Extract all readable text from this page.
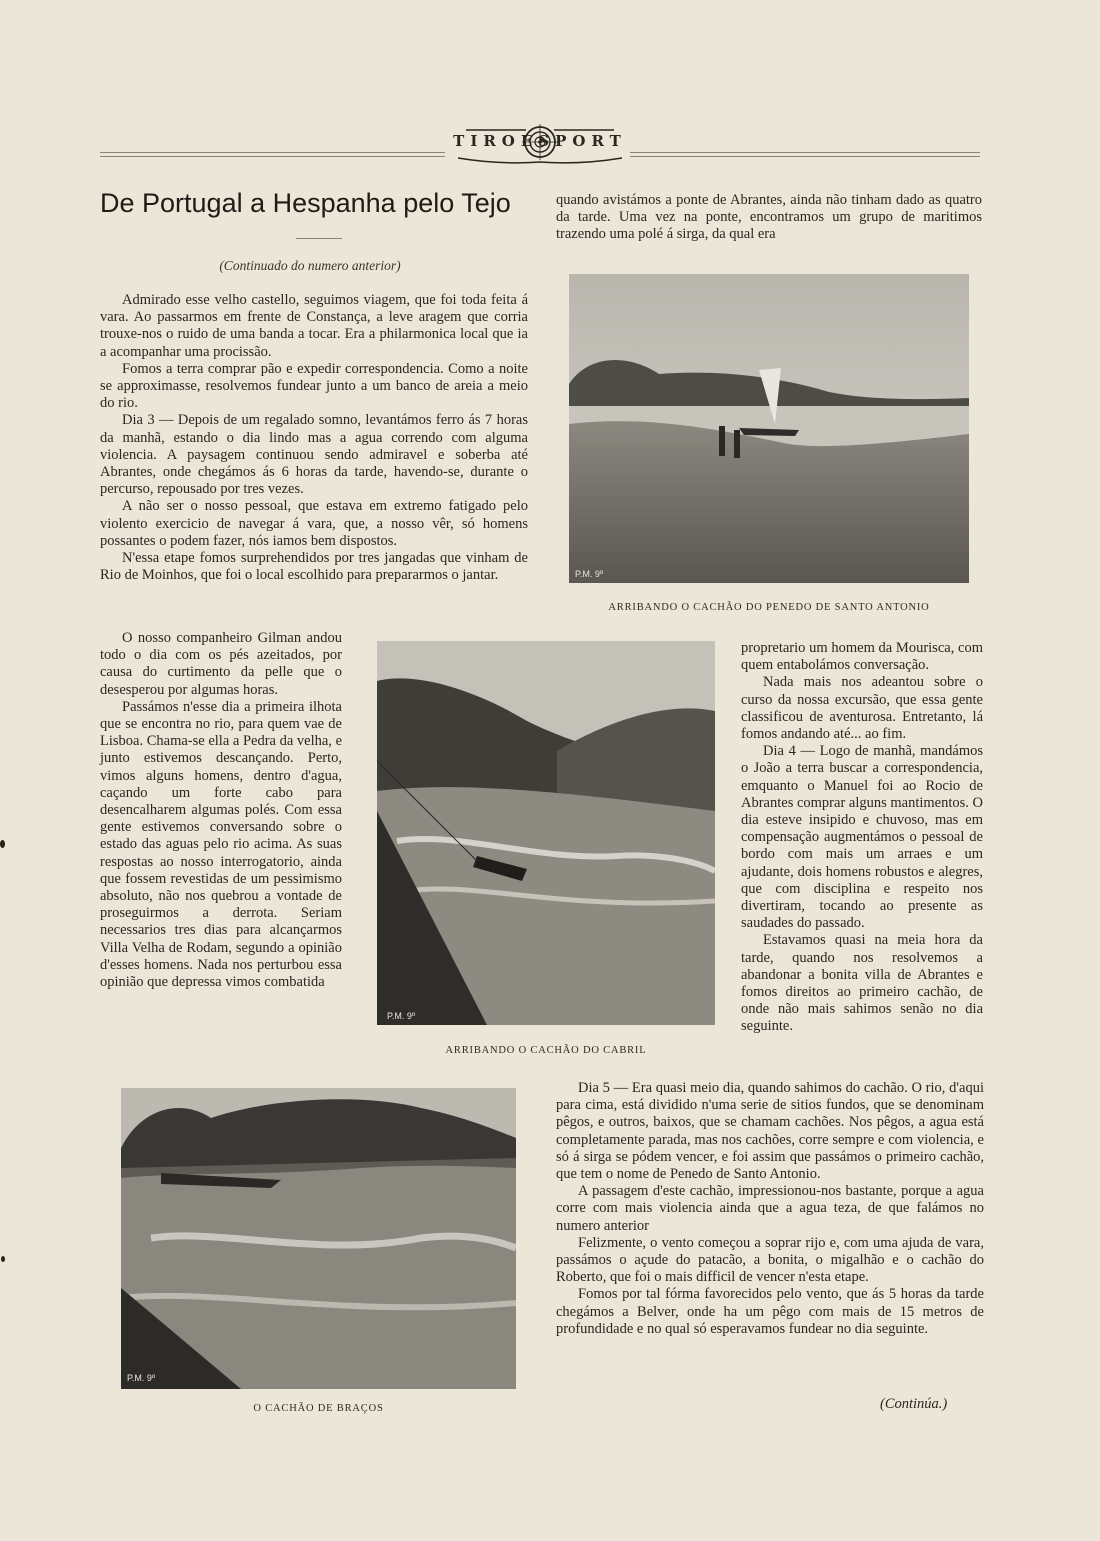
TIROESPORT
De Portugal a Hespanha pelo Tejo
(Continuado do numero anterior)

quando avistámos a ponte de Abrantes, ainda não tinham dado as quatro da tarde. Uma vez na ponte, encontramos um grupo de maritimos trazendo uma polé á sirga, da qual era

Admirado esse velho castello, seguimos viagem, que foi toda feita á vara. Ao passarmos em frente de Constança, a leve aragem que corria trouxe-nos o ruido de uma banda a tocar. Era a philarmonica local que ia a acompanhar uma procissão.

Fomos a terra comprar pão e expedir correspondencia. Como a noite se approximasse, resolvemos fundear junto a um banco de areia a meio do rio.

Dia 3 — Depois de um regalado somno, levantámos ferro ás 7 horas da manhã, estando o dia lindo mas a agua correndo com alguma violencia. A paysagem continuou sendo admiravel e soberba até Abrantes, onde chegámos ás 6 horas da tarde, havendo-se, durante o percurso, repousado por tres vezes.

A não ser o nosso pessoal, que estava em extremo fatigado pelo violento exercicio de navegar á vara, que, a nosso vêr, só homens possantes o podem fazer, nós iamos bem dispostos.

N'essa etape fomos surprehendidos por tres jangadas que vinham de Rio de Moinhos, que foi o local escolhido para prepararmos o jantar.

O nosso companheiro Gilman andou todo o dia com os pés azeitados, por causa do curtimento da pelle que o desesperou por algumas horas.

Passámos n'esse dia a primeira ilhota que se encontra no rio, para quem vae de Lisboa. Chama-se ella a Pedra da velha, e junto estivemos descançando. Perto, vimos alguns homens, dentro d'agua, caçando um forte cabo para desencalharem algumas polés. Com essa gente estivemos conversando sobre o estado das aguas pelo rio acima. As suas respostas ao nosso interrogatorio, ainda que fossem revestidas de um pessimismo absoluto, não nos quebrou a vontade de proseguirmos a derrota. Seriam necessarios tres dias para alcançarmos Villa Velha de Rodam, segundo a opinião d'esses homens. Nada nos perturbou essa opinião que depressa vimos combatida

P.M. 9º
ARRIBANDO O CACHÃO DO PENEDO DE SANTO ANTONIO
P.M. 9º
ARRIBANDO O CACHÃO DO CABRIL

propretario um homem da Mourisca, com quem entabolámos conversação.

Nada mais nos adeantou sobre o curso da nossa excursão, que essa gente classificou de aventurosa. Entretanto, lá fomos andando até... ao fim.

Dia 4 — Logo de manhã, mandámos o João a terra buscar a correspondencia, emquanto o Manuel foi ao Rocio de Abrantes comprar alguns mantimentos. O dia esteve insipido e chuvoso, mas em compensação augmentámos o pessoal de bordo com mais um arraes e um ajudante, dois homens robustos e alegres, que com disciplina e respeito nos divertiram, tocando ao presente as saudades do passado.

Estavamos quasi na meia hora da tarde, quando nos resolvemos a abandonar a bonita villa de Abrantes e fomos direitos ao primeiro cachão, de onde não mais sahimos senão no dia seguinte.

P.M. 9º
O CACHÃO DE BRAÇOS

Dia 5 — Era quasi meio dia, quando sahimos do cachão. O rio, d'aqui para cima, está dividido n'uma serie de sitios fundos, que se denominam pêgos, e outros, baixos, que se chamam cachões. Nos pêgos, a agua está completamente parada, mas nos cachões, corre sempre e com violencia, e só á sirga se pódem vencer, e foi assim que passámos o primeiro cachão, que tem o nome de Penedo de Santo Antonio.

A passagem d'este cachão, impressionou-nos bastante, porque a agua corre com mais violencia ainda que a agua teza, de que falámos no numero anterior

Felizmente, o vento começou a soprar rijo e, com uma ajuda de vara, passámos o açude do patacão, a bonita, o migalhão e o cachão do Roberto, que foi o mais difficil de vencer n'esta etape.

Fomos por tal fórma favorecidos pelo vento, que ás 5 horas da tarde chegámos a Belver, onde ha um pêgo com mais de 15 metros de profundidade e no qual só esperavamos fundear no dia seguinte.

(Continúa.)
